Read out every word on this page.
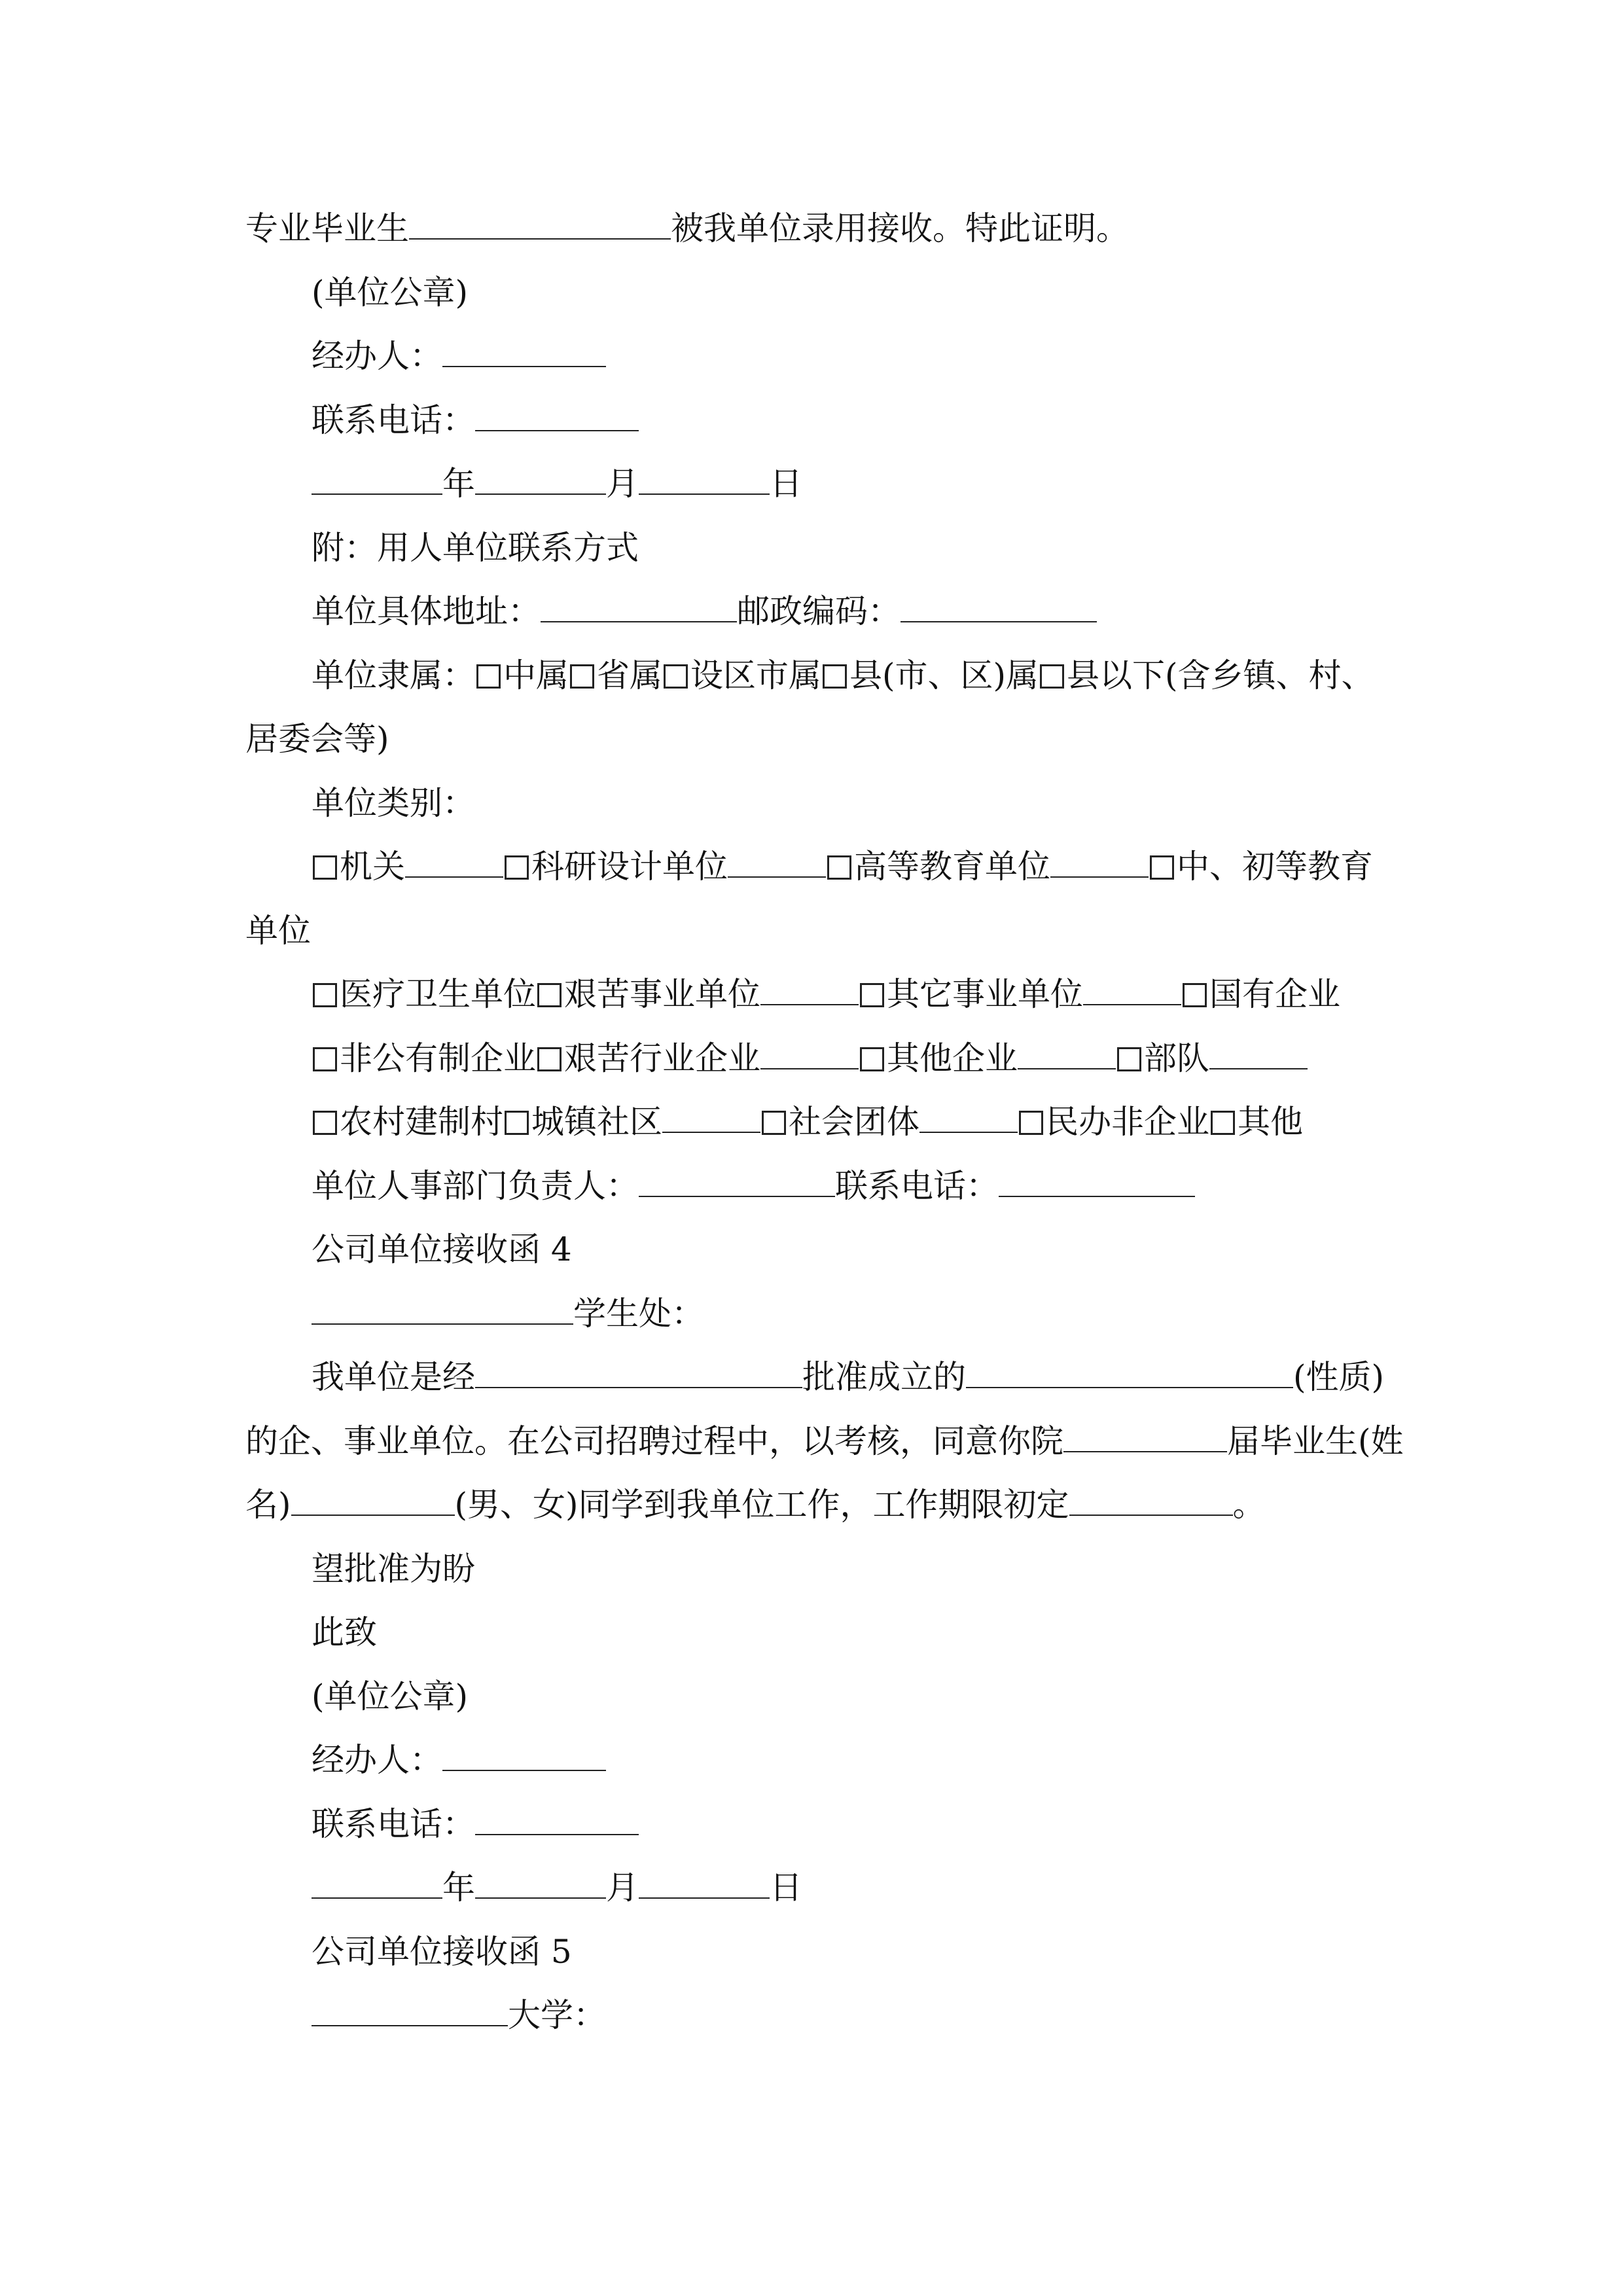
专业毕业生	被我单位录用接收。特此证明。
(单位公章)
经办人：
联系电话：
年	月	日
附：用人单位联系方式
单位具体地址：	邮政编码：
单位隶属： 中属 省属 设区市属 县(市、区)属 县以下(含乡镇、村、
居委会等)
单位类别：
机关	科研设计单位	高等教育单位	中、初等教育
单位
医疗卫生单位 艰苦事业单位	其它事业单位	国有企业
非公有制企业 艰苦行业企业	其他企业	部队
农村建制村 城镇社区	社会团体	民办非企业 其他
单位人事部门负责人：	联系电话：
公司单位接收函 4
学生处：
我单位是经	批准成立的	(性质)
的企、事业单位。在公司招聘过程中，以考核，同意你院	届毕业生(姓
名)	(男、女)同学到我单位工作，工作期限初定	。
望批准为盼
此致
(单位公章)
经办人：
联系电话：
年	月	日
公司单位接收函 5
大学：
